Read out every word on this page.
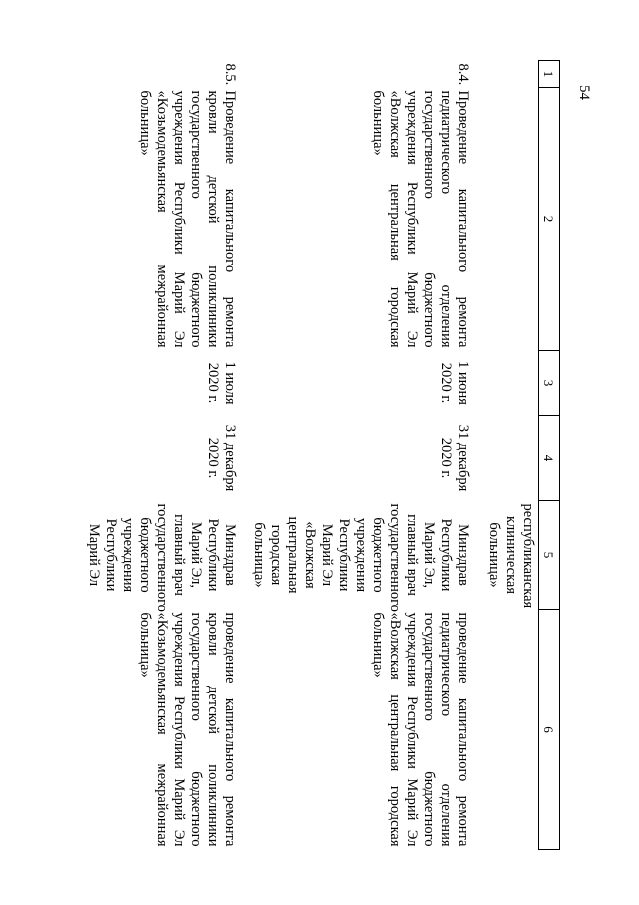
54
1	2	3	4	5	6
				республиканская клиническая больница»	
8.4.	Проведение капитального ремонта педиатрического отделения государственного бюджетного учреждения Республики Марий Эл «Волжская центральная городская больница»	1 июня 2020 г.	31 декабря 2020 г.	Минздрав Республики Марий Эл, главный врач государственного бюджетного учреждения Республики Марий Эл «Волжская центральная городская больница»	проведение капитального ремонта педиатрического отделения государственного бюджетного учреждения Республики Марий Эл «Волжская центральная городская больница»
8.5.	Проведение капитального ремонта кровли детской поликлиники государственного бюджетного учреждения Республики Марий Эл «Козьмодемьянская межрайонная больница»	1 июля 2020 г.	31 декабря 2020 г.	Минздрав Республики Марий Эл, главный врач государственного бюджетного учреждения Республики Марий Эл	проведение капитального ремонта кровли детской поликлиники государственного бюджетного учреждения Республики Марий Эл «Козьмодемьянская межрайонная больница»
